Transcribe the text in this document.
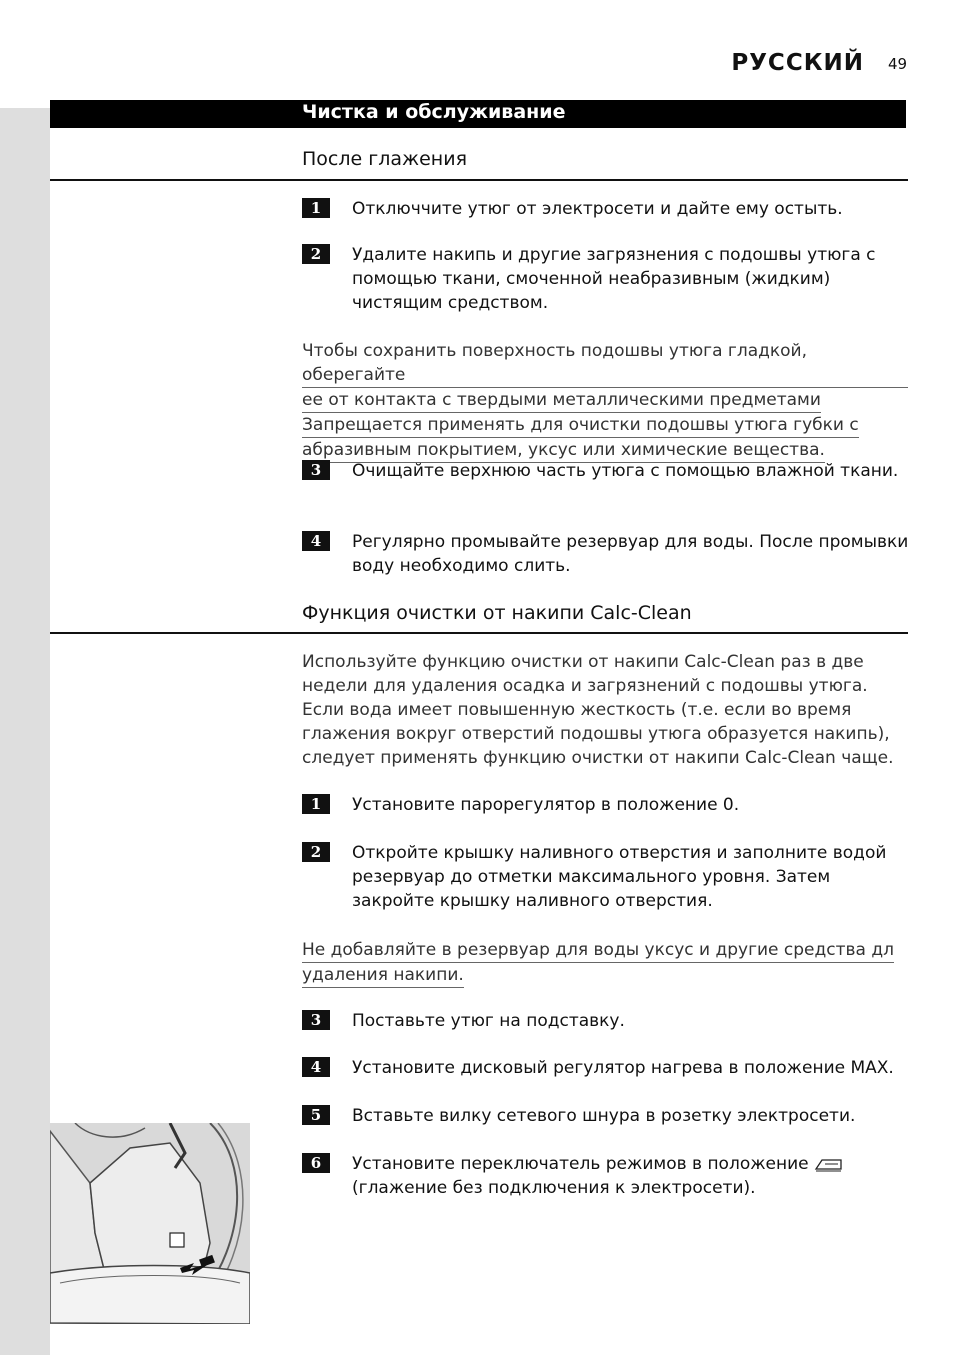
РУССКИЙ 49
Чистка и обслуживание
После глажения
1	Отключчите утюг от электросети и дайте ему остыть.
2	Удалите накипь и другие загрязнения с подошвы утюга с помощью ткани, смоченной неабразивным (жидким) чистящим средством.
Чтобы сохранить поверхность подошвы утюга гладкой, оберегайте
ее от контакта с твердыми металлическими предметами
Запрещается применять для очистки подошвы утюга губки с
абразивным покрытием, уксус или химические вещества.
3	Очищайте верхнюю часть утюга с помощью влажной ткани.
4	Регулярно промывайте резервуар для воды. После промывки воду необходимо слить.
Функция очистки от накипи Calc-Clean
Используйте функцию очистки от накипи Calc-Clean раз в две недели для удаления осадка и загрязнений с подошвы утюга. Если вода имеет повышенную жесткость (т.е. если во время глажения вокруг отверстий подошвы утюга образуется накипь), следует применять функцию очистки от накипи Calc-Clean чаще.
1	Установите парорегулятор в положение 0.
2	Откройте крышку наливного отверстия и заполните водой резервуар до отметки максимального уровня. Затем закройте крышку наливного отверстия.
Не добавляйте в резервуар для воды уксус и другие средства дл
удаления накипи.
3	Поставьте утюг на подставку.
4	Установите дисковый регулятор нагрева в положение MAX.
5	Вставьте вилку сетевого шнура в розетку электросети.
6	Установите переключатель режимов в положение
(глажение без подключения к электросети).
